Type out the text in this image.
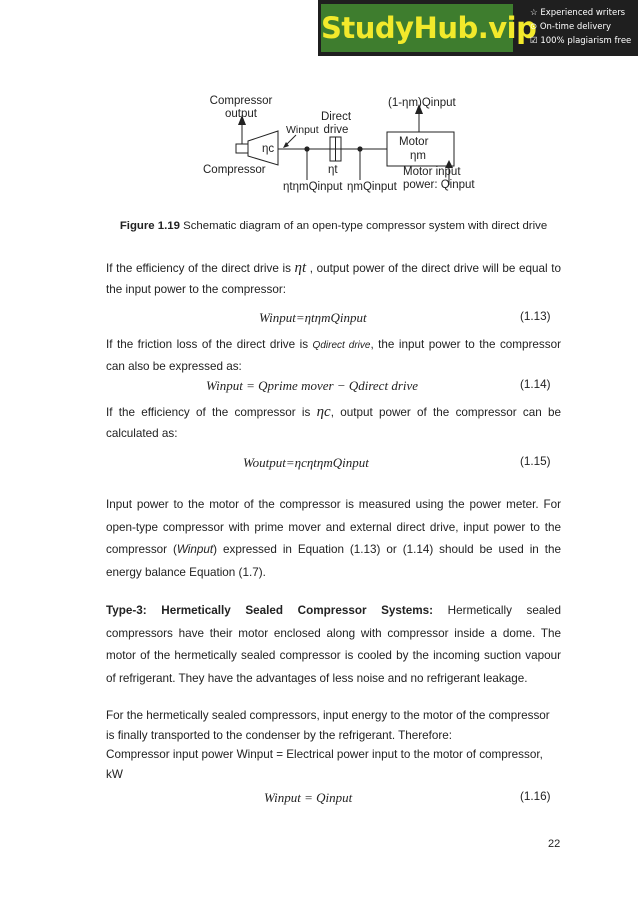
StudyHub.vip
☆ Experienced writers
⊙ On-time delivery
☑ 100% plagiarism free
Compressor
output
ηc
Compressor
Winput
Direct
drive
ηt
ηtηmQinput ηmQinput
(1-ηm)Qinput
Motor
ηm
Motor input
power: Qinput
Figure 1.19 Schematic diagram of an open-type compressor system with direct drive

If the efficiency of the direct drive is ηt , output power of the direct drive will be equal to the input power to the compressor:

Winput=ηtηmQinput	(1.13)

If the friction loss of the direct drive is Qdirect drive, the input power to the compressor can also be expressed as:

Winput = Qprime mover − Qdirect drive	(1.14)

If the efficiency of the compressor is ηc, output power of the compressor can be calculated as:

Woutput=ηcηtηmQinput	(1.15)

Input power to the motor of the compressor is measured using the power meter. For open-type compressor with prime mover and external direct drive, input power to the compressor (Winput) expressed in Equation (1.13) or (1.14) should be used in the energy balance Equation (1.7).

Type-3: Hermetically Sealed Compressor Systems: Hermetically sealed compressors have their motor enclosed along with compressor inside a dome. The motor of the hermetically sealed compressor is cooled by the incoming suction vapour of refrigerant. They have the advantages of less noise and no refrigerant leakage.

For the hermetically sealed compressors, input energy to the motor of the compressor is finally transported to the condenser by the refrigerant. Therefore:
Compressor input power Winput = Electrical power input to the motor of compressor, kW

Winput = Qinput	(1.16)
22
